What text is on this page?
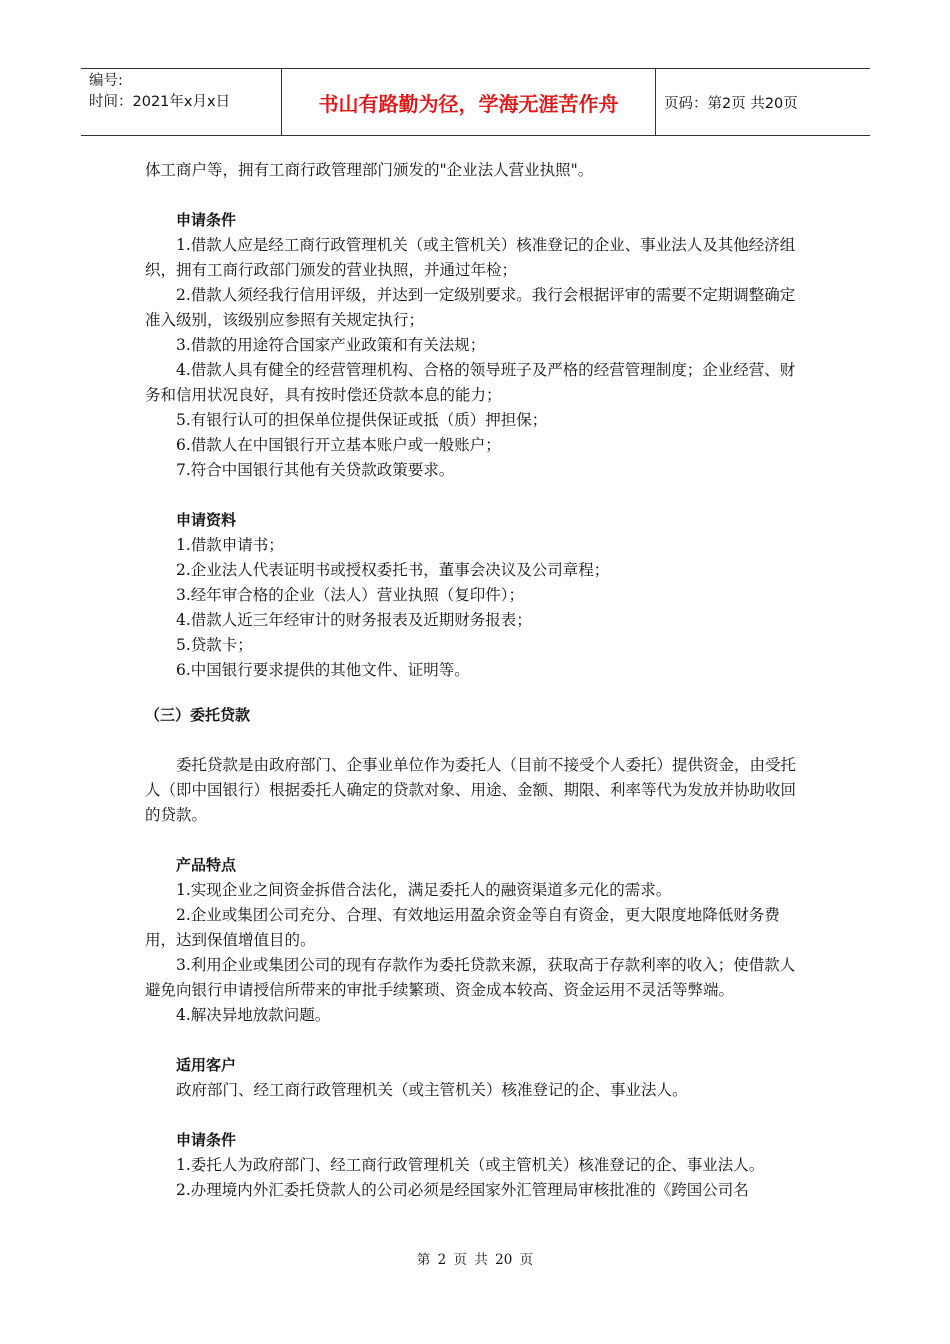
编号:
时间：2021年x月x日	书山有路勤为径，学海无涯苦作舟	页码：第2页 共20页

体工商户等，拥有工商行政管理部门颁发的"企业法人营业执照"。

申请条件

1.借款人应是经工商行政管理机关（或主管机关）核准登记的企业、事业法人及其他经济组织，拥有工商行政部门颁发的营业执照，并通过年检；

2.借款人须经我行信用评级，并达到一定级别要求。我行会根据评审的需要不定期调整确定准入级别，该级别应参照有关规定执行；

3.借款的用途符合国家产业政策和有关法规；

4.借款人具有健全的经营管理机构、合格的领导班子及严格的经营管理制度；企业经营、财务和信用状况良好，具有按时偿还贷款本息的能力；

5.有银行认可的担保单位提供保证或抵（质）押担保；

6.借款人在中国银行开立基本账户或一般账户；

7.符合中国银行其他有关贷款政策要求。

申请资料

1.借款申请书；

2.企业法人代表证明书或授权委托书，董事会决议及公司章程；

3.经年审合格的企业（法人）营业执照（复印件）；

4.借款人近三年经审计的财务报表及近期财务报表；

5.贷款卡；

6.中国银行要求提供的其他文件、证明等。

（三）委托贷款

委托贷款是由政府部门、企事业单位作为委托人（目前不接受个人委托）提供资金，由受托人（即中国银行）根据委托人确定的贷款对象、用途、金额、期限、利率等代为发放并协助收回的贷款。

产品特点

1.实现企业之间资金拆借合法化，满足委托人的融资渠道多元化的需求。

2.企业或集团公司充分、合理、有效地运用盈余资金等自有资金，更大限度地降低财务费用，达到保值增值目的。

3.利用企业或集团公司的现有存款作为委托贷款来源，获取高于存款利率的收入；使借款人避免向银行申请授信所带来的审批手续繁琐、资金成本较高、资金运用不灵活等弊端。

4.解决异地放款问题。

适用客户

政府部门、经工商行政管理机关（或主管机关）核准登记的企、事业法人。

申请条件

1.委托人为政府部门、经工商行政管理机关（或主管机关）核准登记的企、事业法人。

2.办理境内外汇委托贷款人的公司必须是经国家外汇管理局审核批准的《跨国公司名

第 2 页 共 20 页
